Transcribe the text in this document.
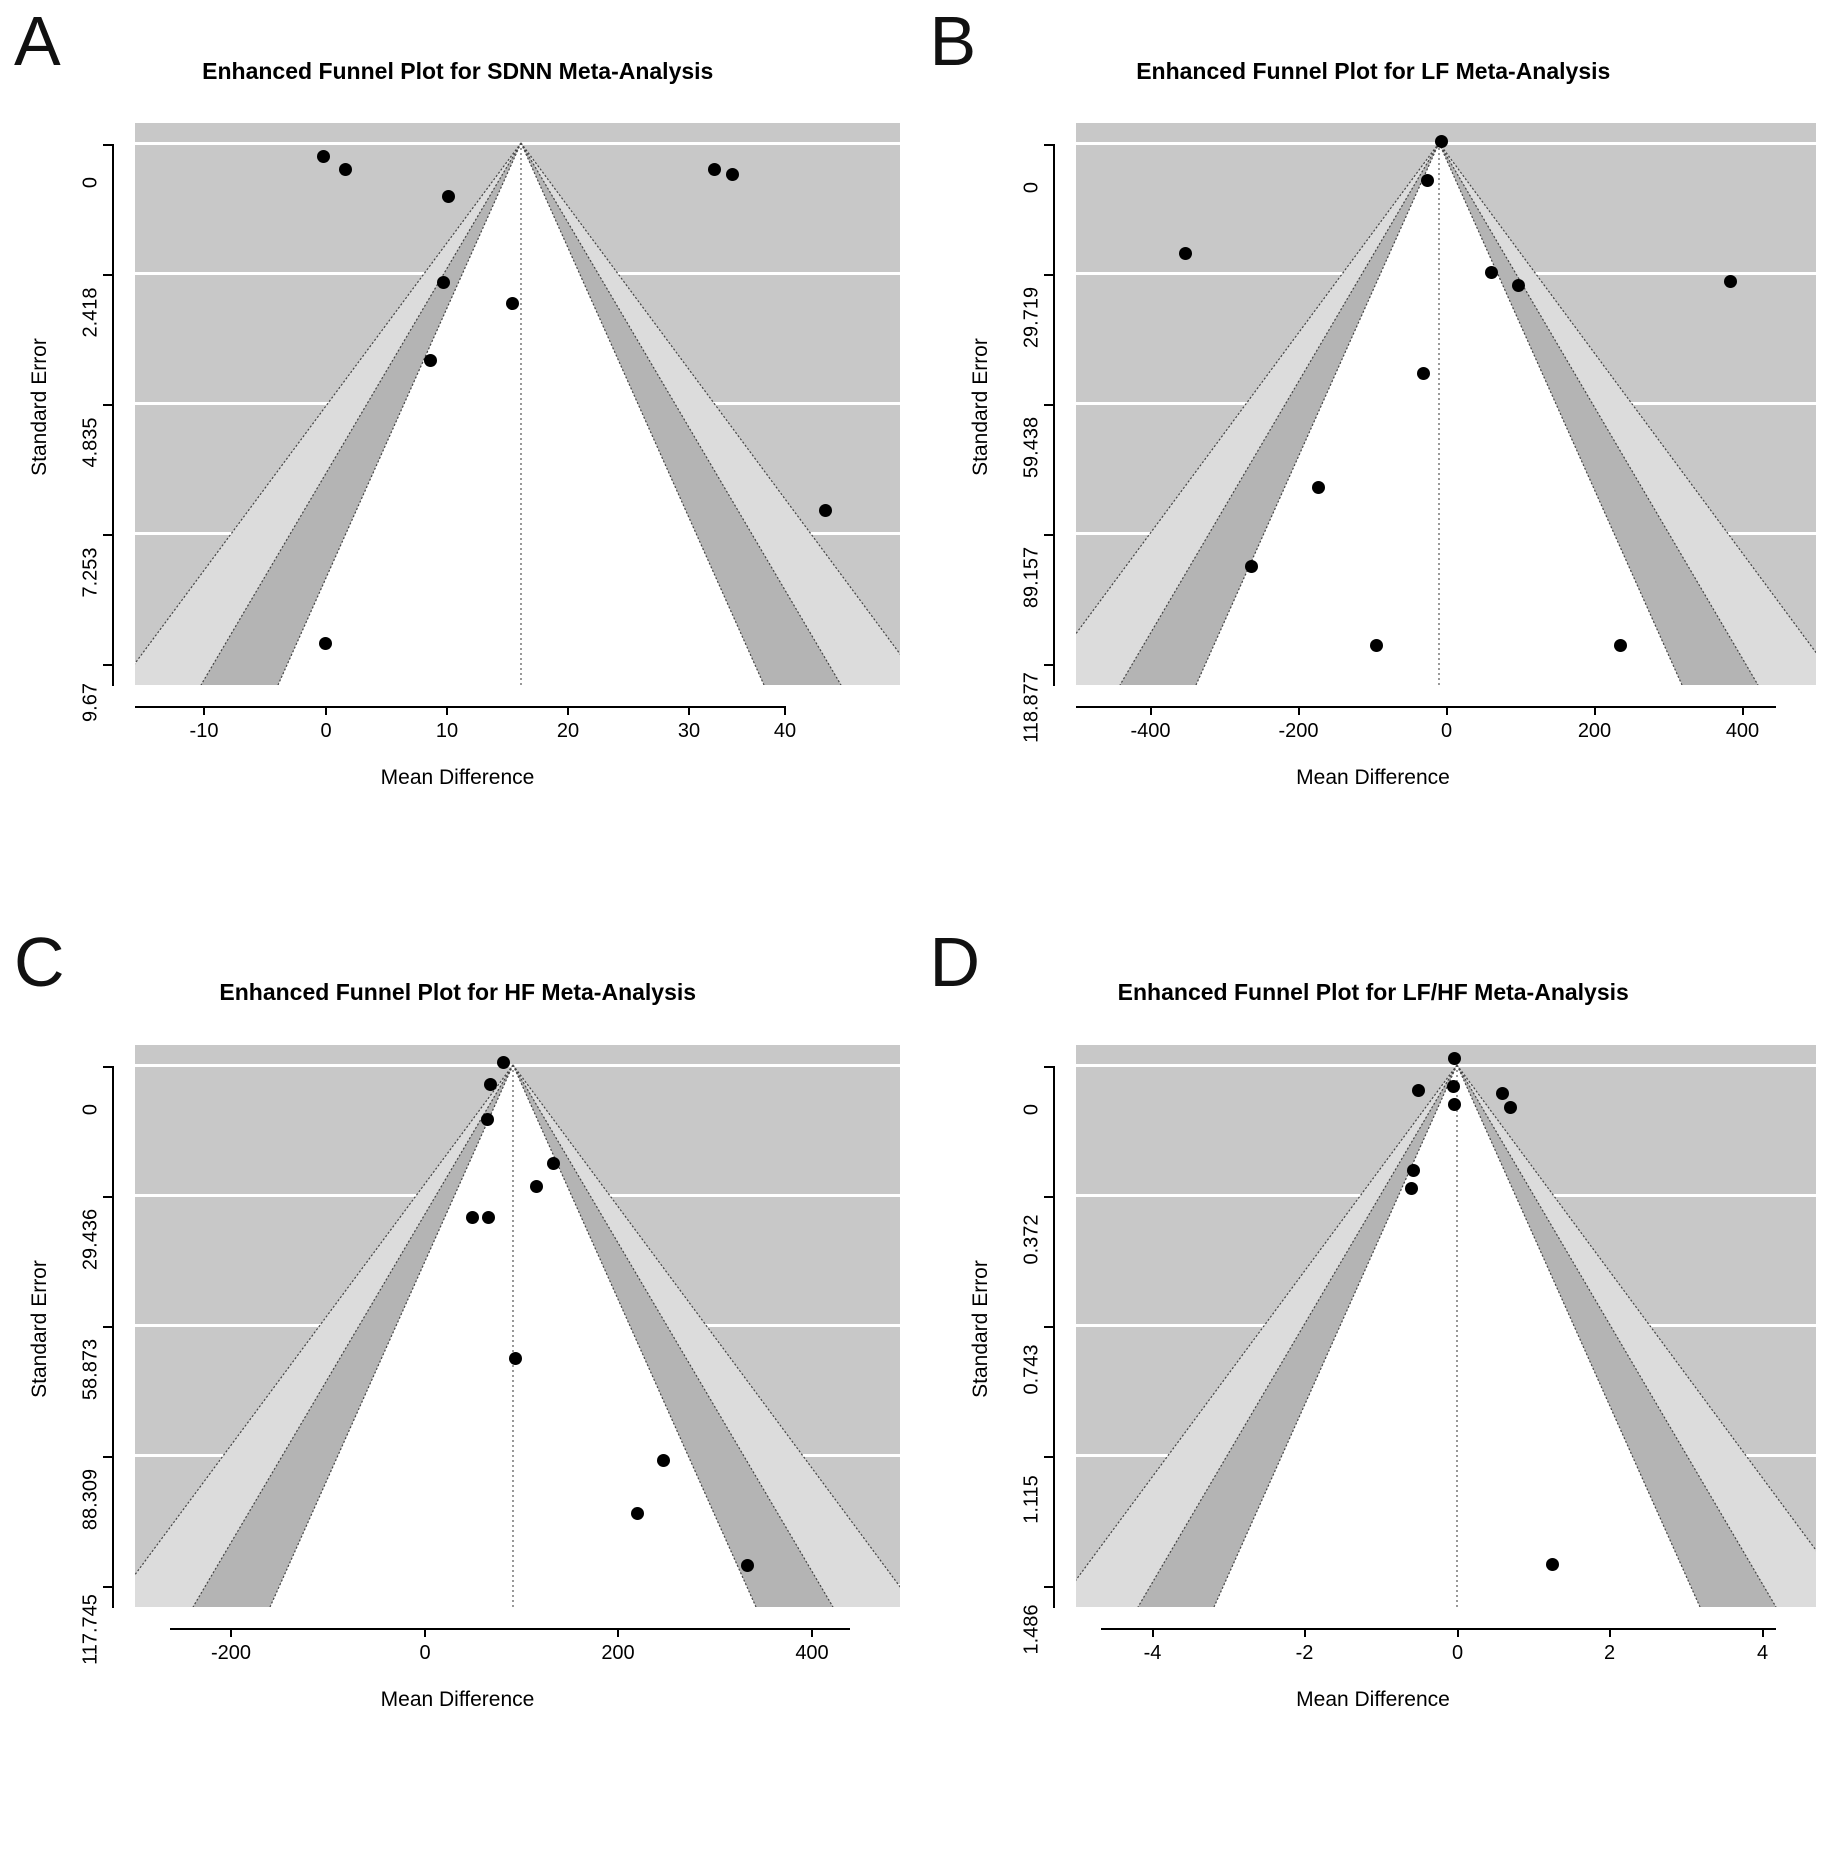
A	Enhanced Funnel Plot for SDNN Meta-Analysis
-10	0	10	20	30	40
0
2.418
4.835
7.253
9.67
Mean Difference
Standard Error
B	Enhanced Funnel Plot for LF Meta-Analysis
-400	-200	0	200	400
0
29.719
59.438
89.157
118.877
Mean Difference
Standard Error
C	Enhanced Funnel Plot for HF Meta-Analysis
-200	0	200	400
0
29.436
58.873
88.309
117.745
Mean Difference
Standard Error
D	Enhanced Funnel Plot for LF/HF Meta-Analysis
-4	-2	0	2	4
0
0.372
0.743
1.115
1.486
Mean Difference
Standard Error
